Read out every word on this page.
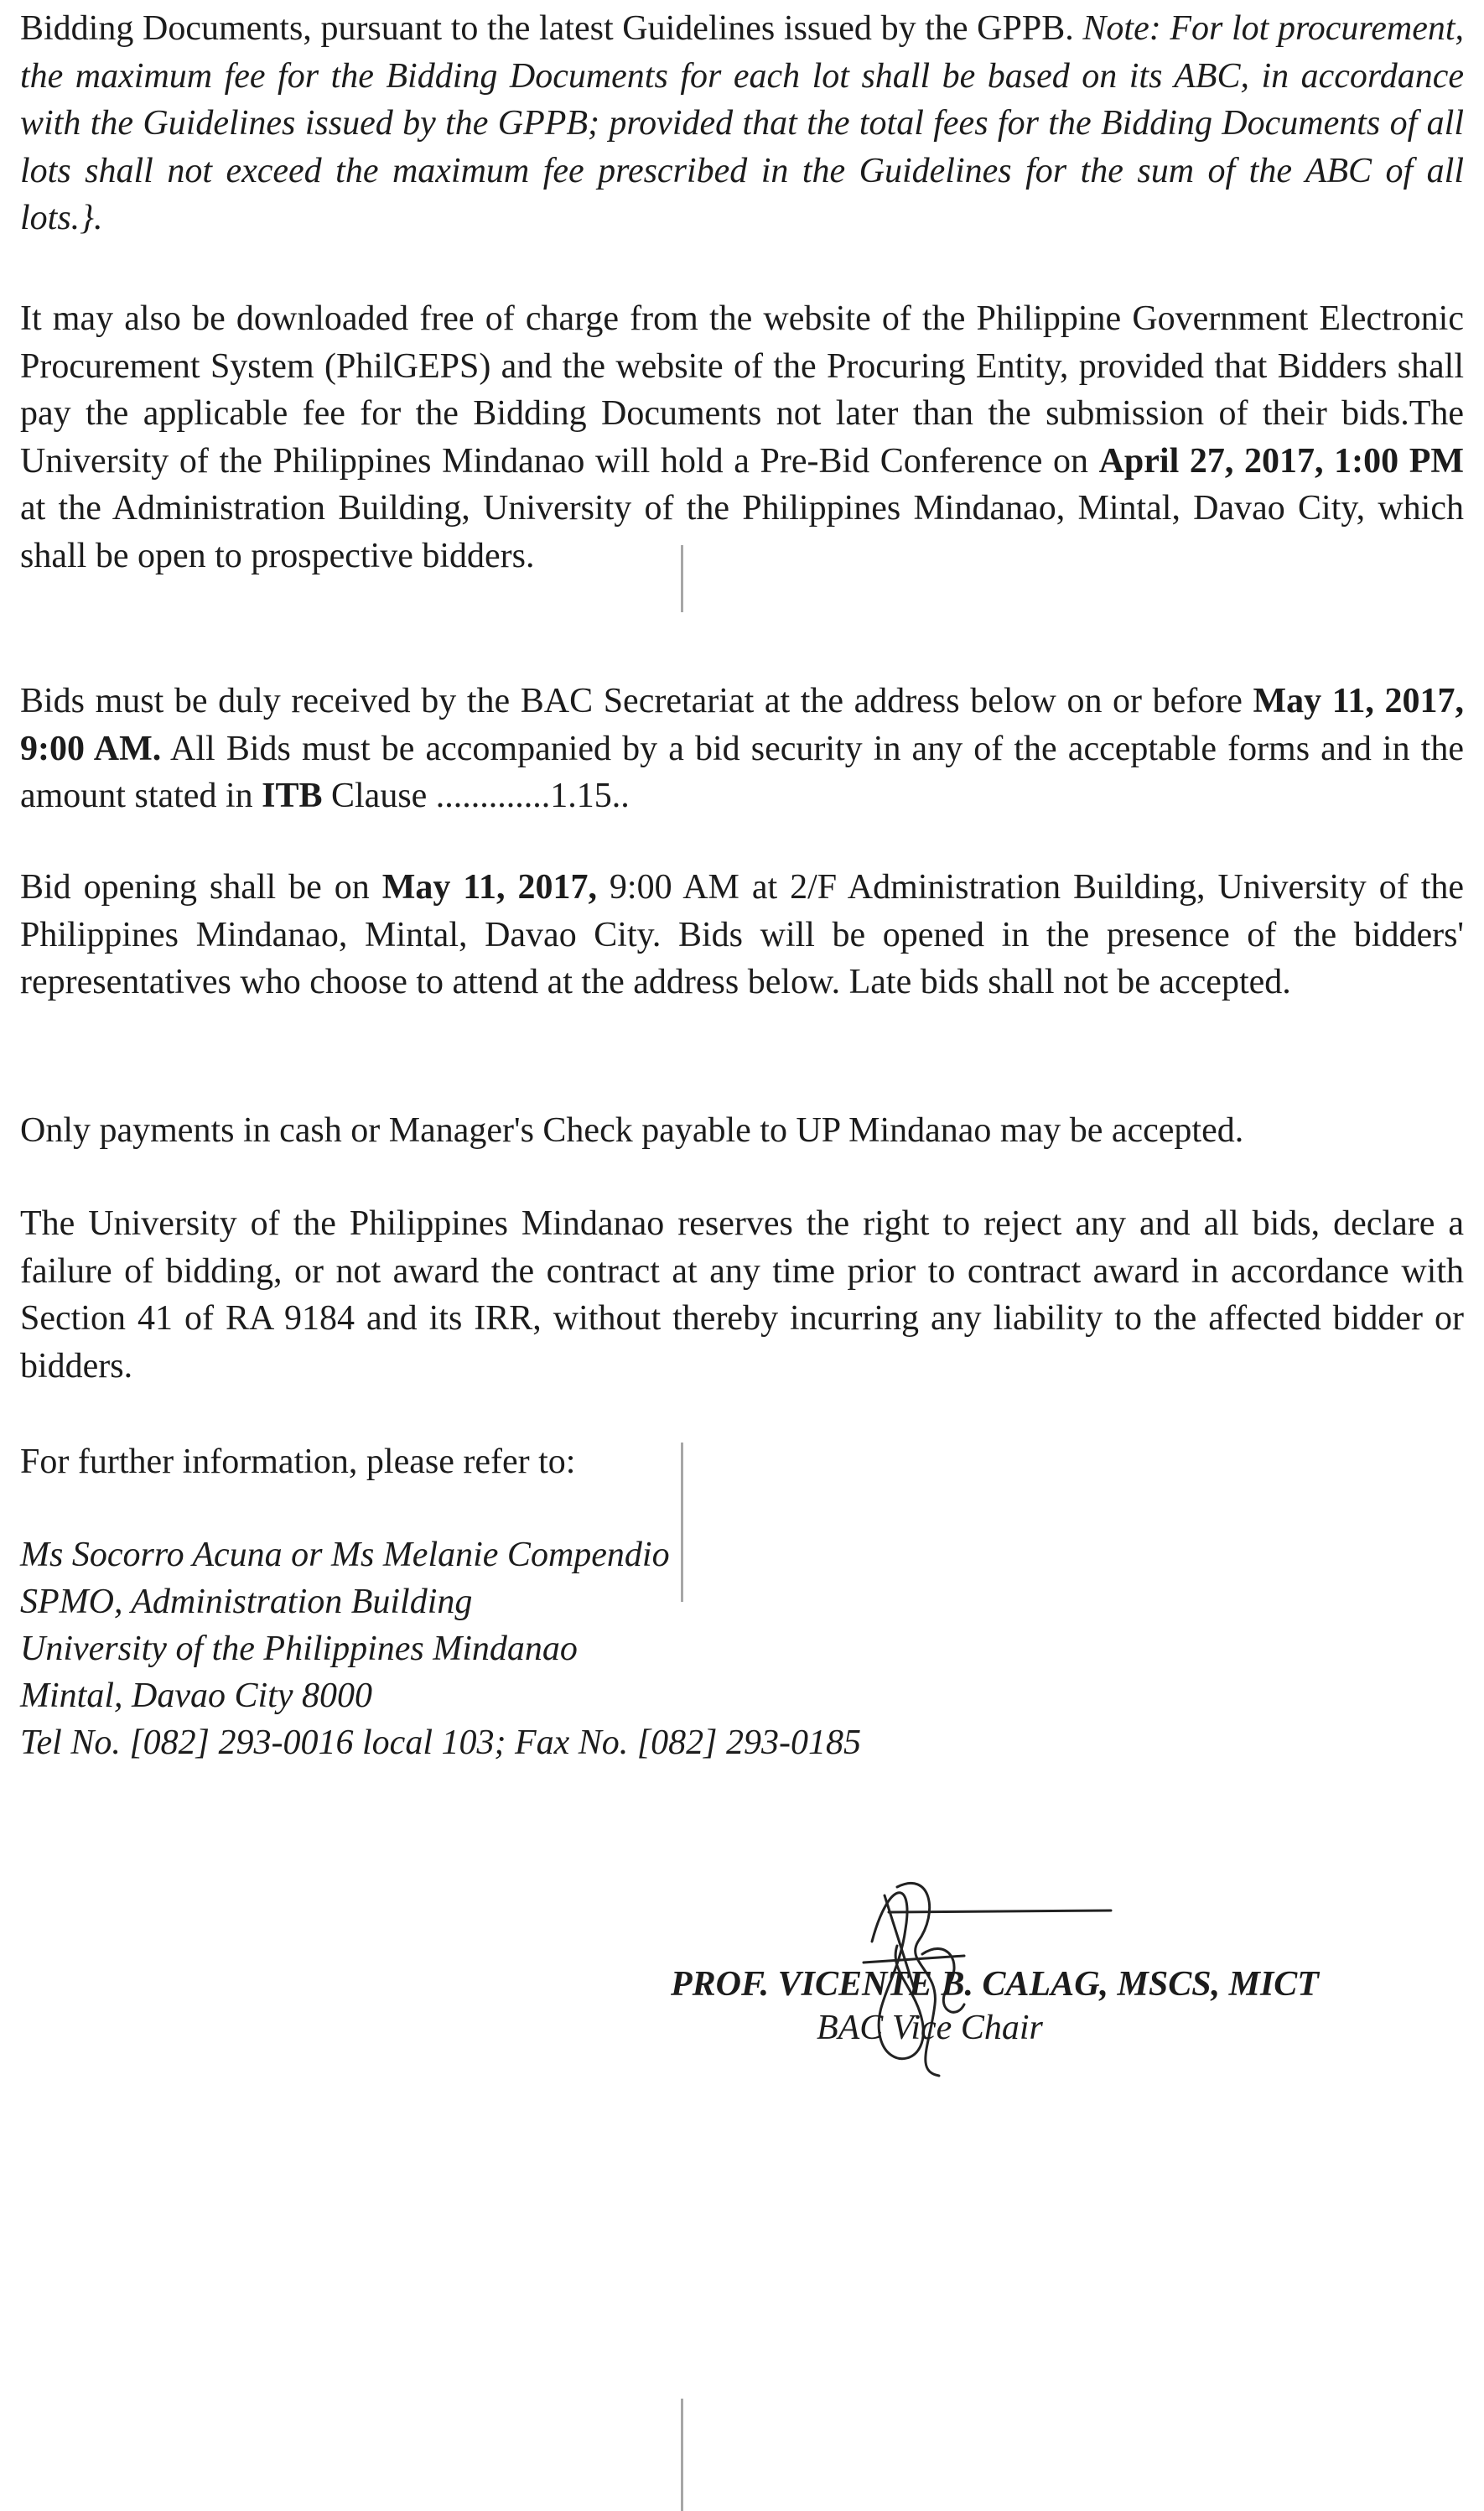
Bidding Documents, pursuant to the latest Guidelines issued by the GPPB. Note: For lot procurement, the maximum fee for the Bidding Documents for each lot shall be based on its ABC, in accordance with the Guidelines issued by the GPPB; provided that the total fees for the Bidding Documents of all lots shall not exceed the maximum fee prescribed in the Guidelines for the sum of the ABC of all lots.}.

It may also be downloaded free of charge from the website of the Philippine Government Electronic Procurement System (PhilGEPS) and the website of the Procuring Entity, provided that Bidders shall pay the applicable fee for the Bidding Documents not later than the submission of their bids.The University of the Philippines Mindanao will hold a Pre-Bid Conference on April 27, 2017, 1:00 PM at the Administration Building, University of the Philippines Mindanao, Mintal, Davao City, which shall be open to prospective bidders.

Bids must be duly received by the BAC Secretariat at the address below on or before May 11, 2017, 9:00 AM. All Bids must be accompanied by a bid security in any of the acceptable forms and in the amount stated in ITB Clause .............1.15..

Bid opening shall be on May 11, 2017, 9:00 AM at 2/F Administration Building, University of the Philippines Mindanao, Mintal, Davao City. Bids will be opened in the presence of the bidders' representatives who choose to attend at the address below. Late bids shall not be accepted.

Only payments in cash or Manager's Check payable to UP Mindanao may be accepted.

The University of the Philippines Mindanao reserves the right to reject any and all bids, declare a failure of bidding, or not award the contract at any time prior to contract award in accordance with Section 41 of RA 9184 and its IRR, without thereby incurring any liability to the affected bidder or bidders.

For further information, please refer to:

Ms Socorro Acuna or Ms Melanie Compendio
SPMO, Administration Building
University of the Philippines Mindanao
Mintal, Davao City 8000
Tel No. [082] 293-0016 local 103; Fax No. [082] 293-0185
PROF. VICENTE B. CALAG, MSCS, MICT
BAC Vice Chair
